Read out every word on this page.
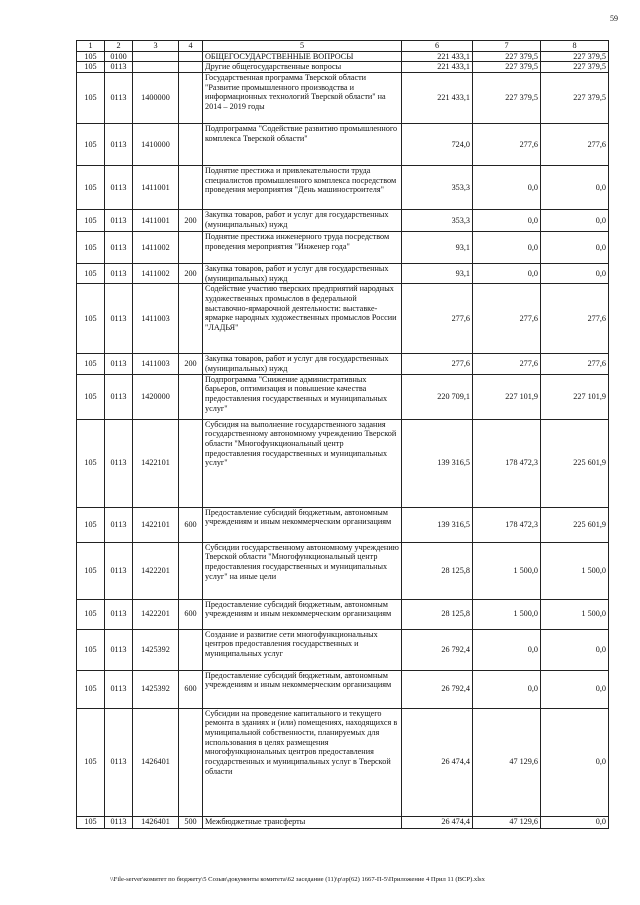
59
1	2	3	4	5	6	7	8
105	0100			ОБЩЕГОСУДАРСТВЕННЫЕ ВОПРОСЫ	221 433,1	227 379,5	227 379,5
105	0113			Другие общегосударственные вопросы	221 433,1	227 379,5	227 379,5
105	0113	1400000		Государственная программа Тверской области "Развитие промышленного производства и информационных технологий Тверской области" на 2014 – 2019 годы	221 433,1	227 379,5	227 379,5
105	0113	1410000		Подпрограмма "Содействие развитию промышленного комплекса Тверской области"	724,0	277,6	277,6
105	0113	1411001		Поднятие престижа и привлекательности труда специалистов промышленного комплекса посредством проведения мероприятия "День машиностроителя"	353,3	0,0	0,0
105	0113	1411001	200	Закупка товаров, работ и услуг для государственных (муниципальных) нужд	353,3	0,0	0,0
105	0113	1411002		Поднятие престижа инженерного труда посредством проведения мероприятия "Инженер года"	93,1	0,0	0,0
105	0113	1411002	200	Закупка товаров, работ и услуг для государственных (муниципальных) нужд	93,1	0,0	0,0
105	0113	1411003		Содействие участию тверских предприятий народных художественных промыслов в федеральной выставочно-ярмарочной деятельности: выставке-ярмарке народных художественных промыслов России "ЛАДЬЯ"	277,6	277,6	277,6
105	0113	1411003	200	Закупка товаров, работ и услуг для государственных (муниципальных) нужд	277,6	277,6	277,6
105	0113	1420000		Подпрограмма "Снижение административных барьеров, оптимизация и повышение качества предоставления государственных и муниципальных услуг"	220 709,1	227 101,9	227 101,9
105	0113	1422101		Субсидия на выполнение государственного задания государственному автономному учреждению Тверской области "Многофункциональный центр предоставления государственных и муниципальных услуг"	139 316,5	178 472,3	225 601,9
105	0113	1422101	600	Предоставление субсидий бюджетным, автономным учреждениям и иным некоммерческим организациям	139 316,5	178 472,3	225 601,9
105	0113	1422201		Субсидии государственному автономному учреждению Тверской области "Многофункциональный центр предоставления государственных и муниципальных услуг" на иные цели	28 125,8	1 500,0	1 500,0
105	0113	1422201	600	Предоставление субсидий бюджетным, автономным учреждениям и иным некоммерческим организациям	28 125,8	1 500,0	1 500,0
105	0113	1425392		Создание и развитие сети многофункциональных центров предоставления государственных и муниципальных услуг	26 792,4	0,0	0,0
105	0113	1425392	600	Предоставление субсидий бюджетным, автономным учреждениям и иным некоммерческим организациям	26 792,4	0,0	0,0
105	0113	1426401		Субсидии на проведение капитального и текущего ремонта в зданиях и (или) помещениях, находящихся в муниципальной собственности, планируемых для использования в целях размещения многофункциональных центров предоставления государственных и муниципальных услуг в Тверской области	26 474,4	47 129,6	0,0
105	0113	1426401	500	Межбюджетные трансферты	26 474,4	47 129,6	0,0
\\File-server\комитет по бюджету\5 Созыв\документы комитета\62 заседание (11)\р\зр(62) 1667-П-5\Приложение 4 Прил 11 (ВСР).xlsx
